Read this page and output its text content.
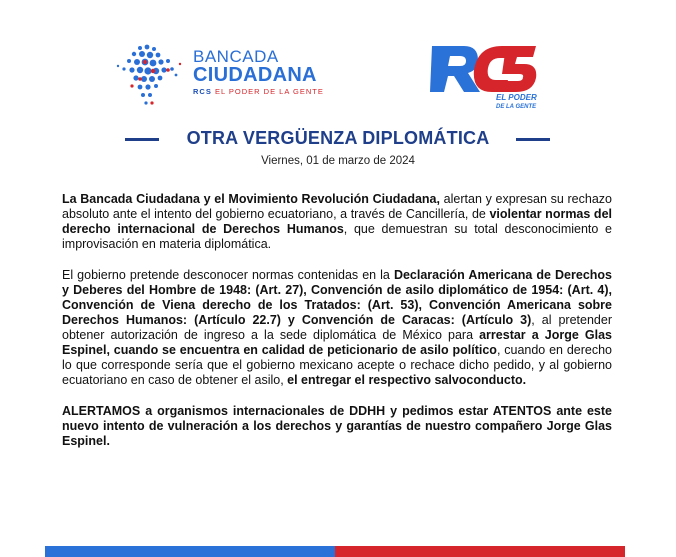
BANCADA
CIUDADANA
RCS EL PODER DE LA GENTE
EL PODER
DE LA GENTE
OTRA VERGÜENZA DIPLOMÁTICA
Viernes, 01 de marzo de 2024

La Bancada Ciudadana y el Movimiento Revolución Ciudadana, alertan y expresan su rechazo absoluto ante el intento del gobierno ecuatoriano, a través de Cancillería, de violentar normas del derecho internacional de Derechos Humanos, que demuestran su total desconocimiento e improvisación en materia diplomática.

El gobierno pretende desconocer normas contenidas en la Declaración Americana de Derechos y Deberes del Hombre de 1948: (Art. 27), Convención de asilo diplomático de 1954: (Art. 4), Convención de Viena derecho de los Tratados: (Art. 53), Convención Americana sobre Derechos Humanos: (Artículo 22.7) y Convención de Caracas: (Artículo 3), al pretender obtener autorización de ingreso a la sede diplomática de México para arrestar a Jorge Glas Espinel, cuando se encuentra en calidad de peticionario de asilo político, cuando en derecho lo que corresponde sería que el gobierno mexicano acepte o rechace dicho pedido, y al gobierno ecuatoriano en caso de obtener el asilo, el entregar el respectivo salvoconducto.

ALERTAMOS a organismos internacionales de DDHH y pedimos estar ATENTOS ante este nuevo intento de vulneración a los derechos y garantías de nuestro compañero Jorge Glas Espinel.
